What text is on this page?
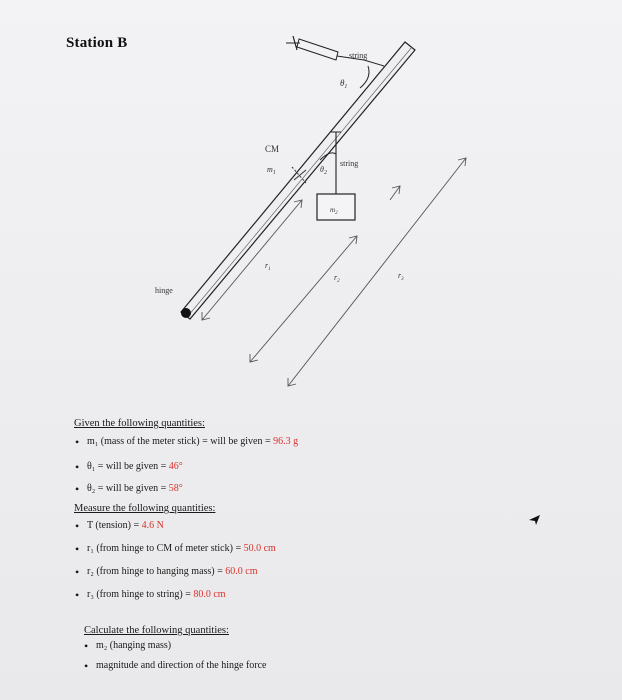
Station B
string
$\theta_1$
CM
$m_1$	$\theta_2$
string
$m_2$
hinge
$r_1$
$r_2$
$r_3$
Given the following quantities:
• m₁ (mass of the meter stick) = will be given = 96.3 g
• θ₁ = will be given = 46°
• θ₂ = will be given = 58°
Measure the following quantities:
• T (tension) = 4.6 N
• r₁ (from hinge to CM of meter stick) = 50.0 cm
• r₂ (from hinge to hanging mass) = 60.0 cm
• r₃ (from hinge to string) = 80.0 cm
Calculate the following quantities:
• m₂ (hanging mass)
• magnitude and direction of the hinge force
